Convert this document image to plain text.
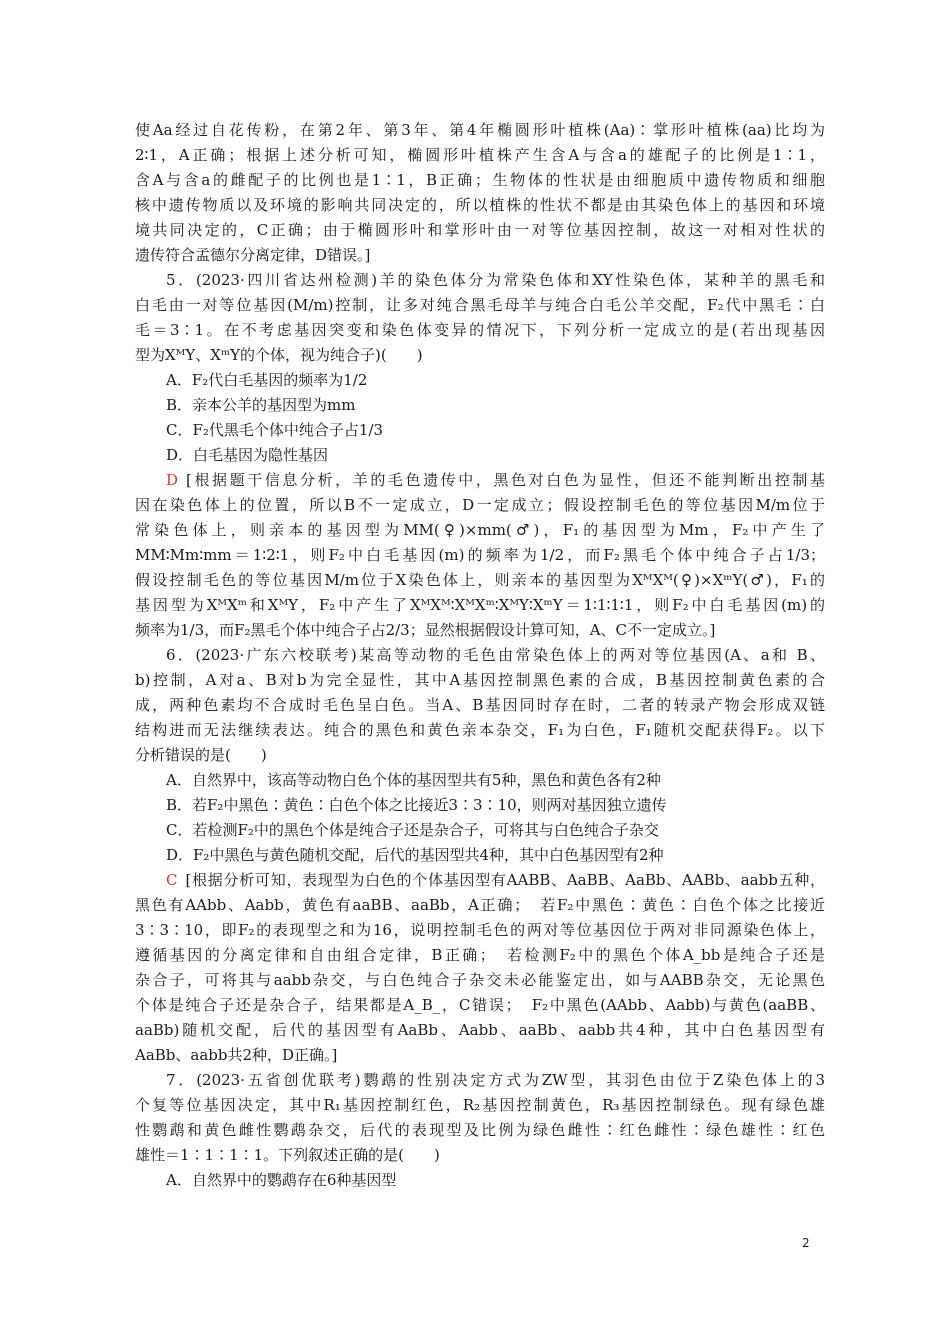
使Aa经过自花传粉，在第2年、第3年、第4年椭圆形叶植株(Aa)∶掌形叶植株(aa)比均为
2∶1，A正确；根据上述分析可知，椭圆形叶植株产生含A与含a的雄配子的比例是1∶1，
含A与含a的雌配子的比例也是1∶1，B正确；生物体的性状是由细胞质中遗传物质和细胞
核中遗传物质以及环境的影响共同决定的，所以植株的性状不都是由其染色体上的基因和环境
境共同决定的，C正确；由于椭圆形叶和掌形叶由一对等位基因控制，故这一对相对性状的
遗传符合孟德尔分离定律，D错误。]
5．(2023·四川省达州检测)羊的染色体分为常染色体和XY性染色体，某种羊的黑毛和
白毛由一对等位基因(M/m)控制，让多对纯合黑毛母羊与纯合白毛公羊交配，F₂代中黑毛∶白
毛＝3∶1。在不考虑基因突变和染色体变异的情况下，下列分析一定成立的是(若出现基因
型为XᴹY、XᵐY的个体，视为纯合子)(　　)
A．F₂代白毛基因的频率为1/2
B．亲本公羊的基因型为mm
C．F₂代黑毛个体中纯合子占1/3
D．白毛基因为隐性基因
D [根据题干信息分析，羊的毛色遗传中，黑色对白色为显性，但还不能判断出控制基
因在染色体上的位置，所以B不一定成立，D一定成立；假设控制毛色的等位基因M/m位于
常染色体上，则亲本的基因型为MM(♀)×mm(♂)，F₁的基因型为Mm，F₂中产生了
MM∶Mm∶mm＝1∶2∶1，则F₂中白毛基因(m)的频率为1/2，而F₂黑毛个体中纯合子占1/3；
假设控制毛色的等位基因M/m位于X染色体上，则亲本的基因型为XᴹXᴹ(♀)×XᵐY(♂)，F₁的
基因型为XᴹXᵐ和XᴹY，F₂中产生了XᴹXᴹ∶XᴹXᵐ∶XᴹY∶XᵐY＝1∶1∶1∶1，则F₂中白毛基因(m)的
频率为1/3，而F₂黑毛个体中纯合子占2/3；显然根据假设计算可知，A、C不一定成立。]
6．(2023·广东六校联考)某高等动物的毛色由常染色体上的两对等位基因(A、a和 B、
b)控制，A对a、B对b为完全显性，其中A基因控制黑色素的合成，B基因控制黄色素的合
成，两种色素均不合成时毛色呈白色。当A、B基因同时存在时，二者的转录产物会形成双链
结构进而无法继续表达。纯合的黑色和黄色亲本杂交，F₁为白色，F₁随机交配获得F₂。以下
分析错误的是(　　)
A．自然界中，该高等动物白色个体的基因型共有5种，黑色和黄色各有2种
B．若F₂中黑色∶黄色∶白色个体之比接近3∶3∶10，则两对基因独立遗传
C．若检测F₂中的黑色个体是纯合子还是杂合子，可将其与白色纯合子杂交
D．F₂中黑色与黄色随机交配，后代的基因型共4种，其中白色基因型有2种
C [根据分析可知，表现型为白色的个体基因型有AABB、AaBB、AaBb、AABb、aabb五种，
黑色有AAbb、Aabb，黄色有aaBB、aaBb，A正确；　若F₂中黑色∶黄色∶白色个体之比接近
3∶3∶10，即F₂的表现型之和为16，说明控制毛色的两对等位基因位于两对非同源染色体上，
遵循基因的分离定律和自由组合定律，B正确；　若检测F₂中的黑色个体A_bb是纯合子还是
杂合子，可将其与aabb杂交，与白色纯合子杂交未必能鉴定出，如与AABB杂交，无论黑色
个体是纯合子还是杂合子，结果都是A_B_，C错误；　F₂中黑色(AAbb、Aabb)与黄色(aaBB、
aaBb)随机交配，后代的基因型有AaBb、Aabb、aaBb、aabb共4种，其中白色基因型有
AaBb、aabb共2种，D正确。]
7．(2023·五省创优联考)鹦鹉的性别决定方式为ZW型，其羽色由位于Z染色体上的3
个复等位基因决定，其中R₁基因控制红色，R₂基因控制黄色，R₃基因控制绿色。现有绿色雄
性鹦鹉和黄色雌性鹦鹉杂交，后代的表现型及比例为绿色雌性∶红色雌性∶绿色雄性∶红色
雄性＝1∶1∶1∶1。下列叙述正确的是(　　)
A．自然界中的鹦鹉存在6种基因型
2
